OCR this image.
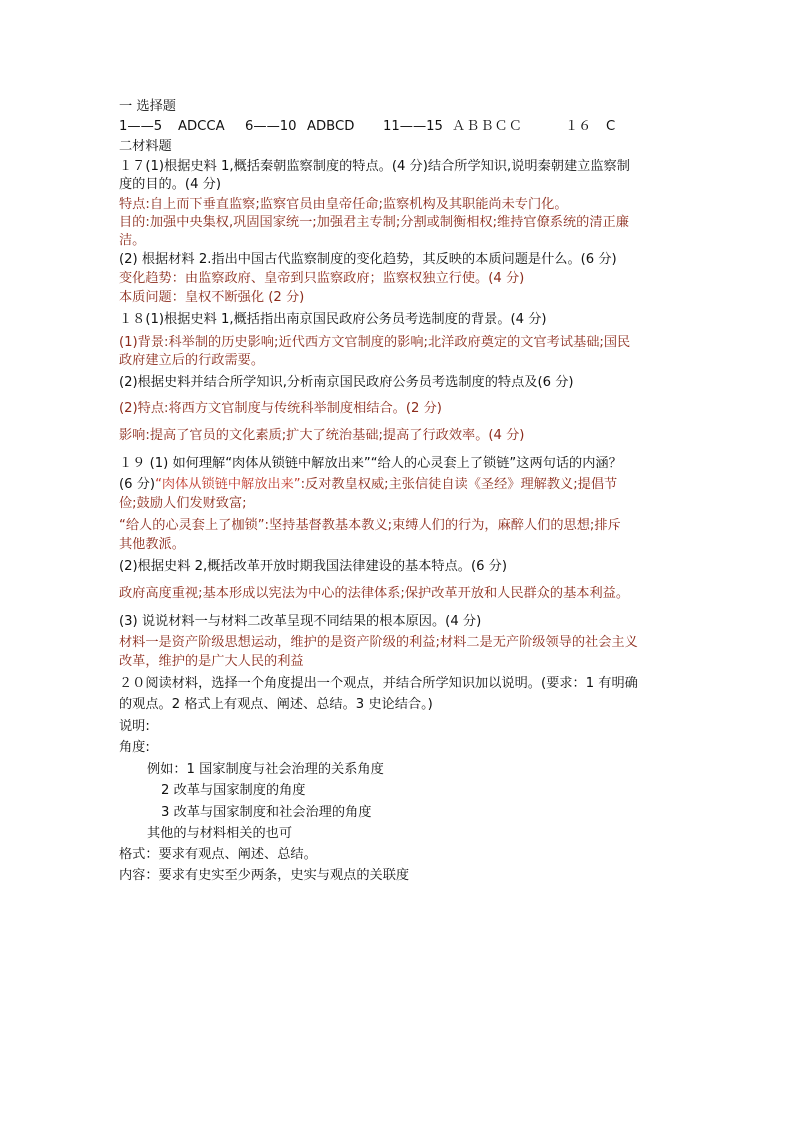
一 选择题
1——5 ADCCA 6——10 ADBCD 11——15 ＡＢＢＣＣ	１６ C
二材料题
１７(1)根据史料 1,概括秦朝监察制度的特点。(4 分)结合所学知识,说明秦朝建立监察制
度的目的。(4 分)
特点:自上而下垂直监察;监察官员由皇帝任命;监察机构及其职能尚未专门化。
目的:加强中央集权,巩固国家统一;加强君主专制;分割或制衡相权;维持官僚系统的清正廉
洁。
(2) 根据材料 2.指出中国古代监察制度的变化趋势，其反映的本质问题是什么。(6 分)
变化趋势：由监察政府、皇帝到只监察政府；监察权独立行使。(4 分)
本质问题：皇权不断强化 (2 分)
１８(1)根据史料 1,概括指出南京国民政府公务员考选制度的背景。(4 分)
(1)背景:科举制的历史影响;近代西方文官制度的影响;北洋政府奠定的文官考试基础;国民
政府建立后的行政需要。
(2)根据史料并结合所学知识,分析南京国民政府公务员考选制度的特点及(6 分)
(2)特点:将西方文官制度与传统科举制度相结合。(2 分)
影响:提高了官员的文化素质;扩大了统治基础;提高了行政效率。(4 分)
１９ (1) 如何理解“肉体从锁链中解放出来”“给人的心灵套上了锁链”这两句话的内涵？
(6 分)“肉体从锁链中解放出来”:反对教皇权威;主张信徒自读《圣经》理解教义;提倡节
俭;鼓励人们发财致富;
“给人的心灵套上了枷锁”:坚持基督教基本教义;束缚人们的行为，麻醉人们的思想;排斥
其他教派。
(2)根据史料 2,概括改革开放时期我国法律建设的基本特点。(6 分)
政府高度重视;基本形成以宪法为中心的法律体系;保护改革开放和人民群众的基本利益。
(3) 说说材料一与材料二改革呈现不同结果的根本原因。(4 分)
材料一是资产阶级思想运动，维护的是资产阶级的利益;材料二是无产阶级领导的社会主义
改革，维护的是广大人民的利益
２０阅读材料，选择一个角度提出一个观点，并结合所学知识加以说明。(要求：1 有明确
的观点。2 格式上有观点、阐述、总结。3 史论结合。)
说明:
角度:
例如：1 国家制度与社会治理的关系角度
2 改革与国家制度的角度
3 改革与国家制度和社会治理的角度
其他的与材料相关的也可
格式：要求有观点、阐述、总结。
内容：要求有史实至少两条，史实与观点的关联度
